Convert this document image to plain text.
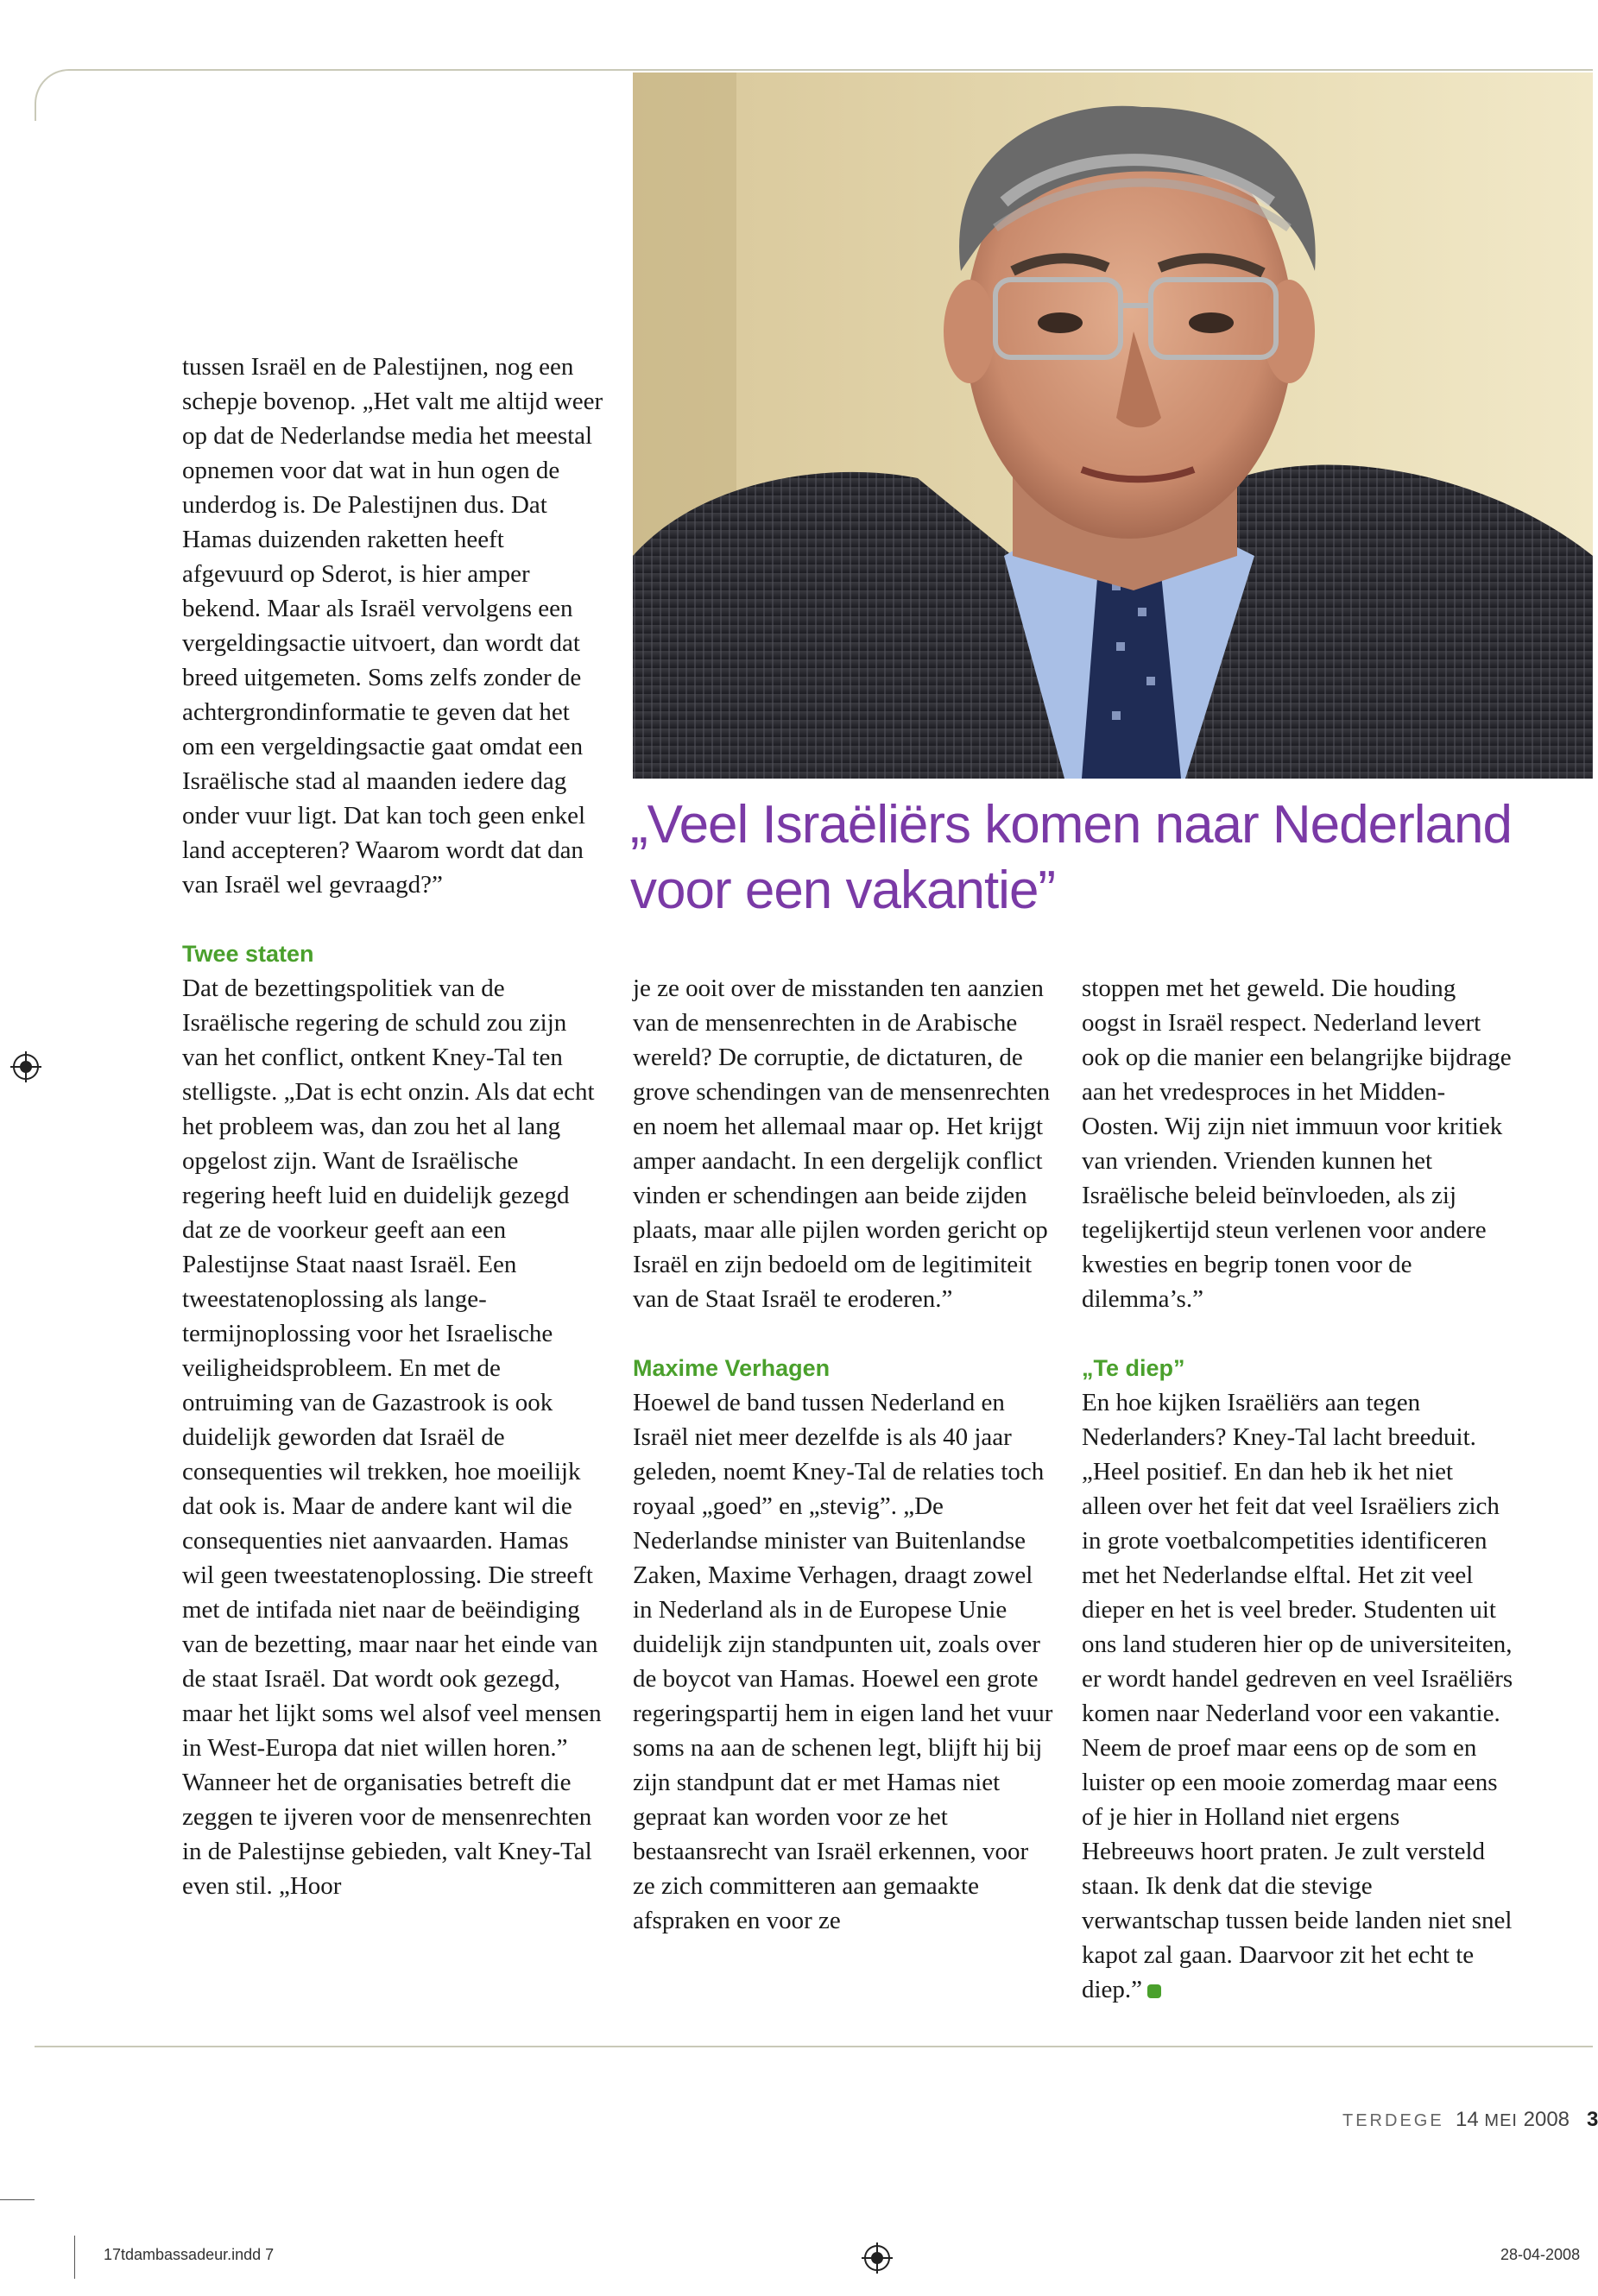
tussen Israël en de Palestijnen, nog een schepje bovenop. „Het valt me altijd weer op dat de Nederlandse media het meestal opnemen voor dat wat in hun ogen de underdog is. De Palestijnen dus. Dat Hamas duizenden raketten heeft afgevuurd op Sderot, is hier amper bekend. Maar als Israël vervolgens een vergeldingsactie uitvoert, dan wordt dat breed uitgemeten. Soms zelfs zonder de achtergrondinformatie te geven dat het om een vergeldingsactie gaat omdat een Israëlische stad al maanden iedere dag onder vuur ligt. Dat kan toch geen enkel land accepteren? Waarom wordt dat dan van Israël wel gevraagd?”

Twee staten

Dat de bezettingspolitiek van de Israëlische regering de schuld zou zijn van het conflict, ontkent Kney-Tal ten stelligste. „Dat is echt onzin. Als dat echt het probleem was, dan zou het al lang opgelost zijn. Want de Israëlische regering heeft luid en duidelijk gezegd dat ze de voorkeur geeft aan een Palestijnse Staat naast Israël. Een tweestatenoplossing als lange-termijnoplossing voor het Israelische veiligheidsprobleem. En met de ontruiming van de Gazastrook is ook duidelijk geworden dat Israël de consequenties wil trekken, hoe moeilijk dat ook is. Maar de andere kant wil die consequenties niet aanvaarden. Hamas wil geen tweestatenoplossing. Die streeft met de intifada niet naar de beëindiging van de bezetting, maar naar het einde van de staat Israël. Dat wordt ook gezegd, maar het lijkt soms wel alsof veel mensen in West-Europa dat niet willen horen.”

Wanneer het de organisaties betreft die zeggen te ijveren voor de mensenrechten in de Palestijnse gebieden, valt Kney-Tal even stil. „Hoor

„Veel Israëliërs komen naar Nederland voor een vakantie”

je ze ooit over de misstanden ten aanzien van de mensenrechten in de Arabische wereld? De corruptie, de dictaturen, de grove schendingen van de mensenrechten en noem het allemaal maar op. Het krijgt amper aandacht. In een dergelijk conflict vinden er schendingen aan beide zijden plaats, maar alle pijlen worden gericht op Israël en zijn bedoeld om de legitimiteit van de Staat Israël te eroderen.”

Maxime Verhagen

Hoewel de band tussen Nederland en Israël niet meer dezelfde is als 40 jaar geleden, noemt Kney-Tal de relaties toch royaal „goed” en „stevig”. „De Nederlandse minister van Buitenlandse Zaken, Maxime Verhagen, draagt zowel in Nederland als in de Europese Unie duidelijk zijn standpunten uit, zoals over de boycot van Hamas. Hoewel een grote regeringspartij hem in eigen land het vuur soms na aan de schenen legt, blijft hij bij zijn standpunt dat er met Hamas niet gepraat kan worden voor ze het bestaansrecht van Israël erkennen, voor ze zich committeren aan gemaakte afspraken en voor ze

stoppen met het geweld. Die houding oogst in Israël respect. Nederland levert ook op die manier een belangrijke bijdrage aan het vredesproces in het Midden-Oosten. Wij zijn niet immuun voor kritiek van vrienden. Vrienden kunnen het Israëlische beleid beïnvloeden, als zij tegelijkertijd steun verlenen voor andere kwesties en begrip tonen voor de dilemma’s.”

„Te diep”

En hoe kijken Israëliërs aan tegen Nederlanders? Kney-Tal lacht breeduit. „Heel positief. En dan heb ik het niet alleen over het feit dat veel Israëliers zich in grote voetbalcompetities identificeren met het Nederlandse elftal. Het zit veel dieper en het is veel breder. Studenten uit ons land studeren hier op de universiteiten, er wordt handel gedreven en veel Israëliërs komen naar Nederland voor een vakantie. Neem de proef maar eens op de som en luister op een mooie zomerdag maar eens of je hier in Holland niet ergens Hebreeuws hoort praten. Je zult versteld staan. Ik denk dat die stevige verwantschap tussen beide landen niet snel kapot zal gaan. Daarvoor zit het echt te diep.”

TERDEGE 14 MEI 2008 3
17tdambassadeur.indd 7	28-04-2008
